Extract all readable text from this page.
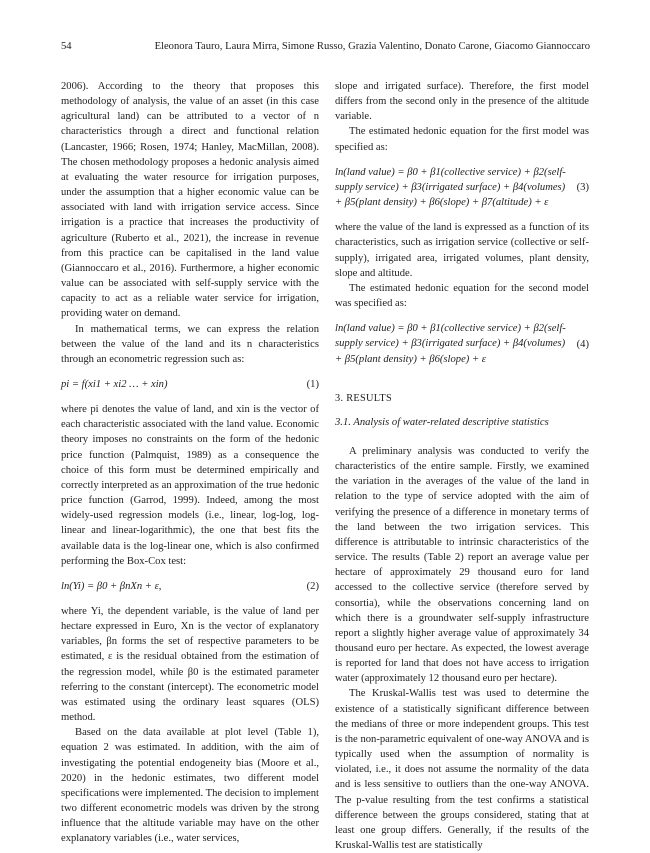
54	Eleonora Tauro, Laura Mirra, Simone Russo, Grazia Valentino, Donato Carone, Giacomo Giannoccaro

2006). According to the theory that proposes this methodology of analysis, the value of an asset (in this case agricultural land) can be attributed to a vector of n characteristics through a direct and functional relation (Lancaster, 1966; Rosen, 1974; Hanley, MacMillan, 2008). The chosen methodology proposes a hedonic analysis aimed at evaluating the water resource for irrigation purposes, under the assumption that a higher economic value can be associated with land with irrigation service access. Since irrigation is a practice that increases the productivity of agriculture (Ruberto et al., 2021), the increase in revenue from this practice can be capitalised in the land value (Giannoccaro et al., 2016). Furthermore, a higher economic value can be associated with self-supply service with the capacity to act as a reliable water service for irrigation, providing water on demand.

In mathematical terms, we can express the relation between the value of the land and its n characteristics through an econometric regression such as:

pi = f(xi1 + xi2 … + xin)	(1)

where pi denotes the value of land, and xin is the vector of each characteristic associated with the land value. Economic theory imposes no constraints on the form of the hedonic price function (Palmquist, 1989) as a consequence the choice of this form must be determined empirically and correctly interpreted as an approximation of the true hedonic price function (Garrod, 1999). Indeed, among the most widely-used regression models (i.e., linear, log-log, log-linear and linear-logarithmic), the one that best fits the available data is the log-linear one, which is also confirmed performing the Box-Cox test:

ln(Yi) = β0 + βnXn + ε,	(2)

where Yi, the dependent variable, is the value of land per hectare expressed in Euro, Xn is the vector of explanatory variables, βn forms the set of respective parameters to be estimated, ε is the residual obtained from the estimation of the regression model, while β0 is the estimated parameter referring to the constant (intercept). The econometric model was estimated using the ordinary least squares (OLS) method.

Based on the data available at plot level (Table 1), equation 2 was estimated. In addition, with the aim of investigating the potential endogeneity bias (Moore et al., 2020) in the hedonic estimates, two different model specifications were implemented. The decision to implement two different econometric models was driven by the strong influence that the altitude variable may have on the other explanatory variables (i.e., water services,

slope and irrigated surface). Therefore, the first model differs from the second only in the presence of the altitude variable.

The estimated hedonic equation for the first model was specified as:

ln(land value) = β0 + β1(collective service) + β2(self-
supply service) + β3(irrigated surface) + β4(volumes)
+ β5(plant density) + β6(slope) + β7(altitude) + ε
(3)

where the value of the land is expressed as a function of its characteristics, such as irrigation service (collective or self-supply), irrigated area, irrigated volumes, plant density, slope and altitude.

The estimated hedonic equation for the second model was specified as:

ln(land value) = β0 + β1(collective service) + β2(self-
supply service) + β3(irrigated surface) + β4(volumes)
+ β5(plant density) + β6(slope) + ε
(4)

3. RESULTS

3.1. Analysis of water-related descriptive statistics

A preliminary analysis was conducted to verify the characteristics of the entire sample. Firstly, we examined the variation in the averages of the value of the land in relation to the type of service adopted with the aim of verifying the presence of a difference in monetary terms of the land between the two irrigation services. This difference is attributable to intrinsic characteristics of the service. The results (Table 2) report an average value per hectare of approximately 29 thousand euro for land accessed to the collective service (therefore served by consortia), while the observations concerning land on which there is a groundwater self-supply infrastructure report a slightly higher average value of approximately 34 thousand euro per hectare. As expected, the lowest average is reported for land that does not have access to irrigation water (approximately 12 thousand euro per hectare).

The Kruskal-Wallis test was used to determine the existence of a statistically significant difference between the medians of three or more independent groups. This test is the non-parametric equivalent of one-way ANOVA and is typically used when the assumption of normality is violated, i.e., it does not assume the normality of the data and is less sensitive to outliers than the one-way ANOVA. The p-value resulting from the test confirms a statistical difference between the groups considered, stating that at least one group differs. Generally, if the results of the Kruskal-Wallis test are statistically
